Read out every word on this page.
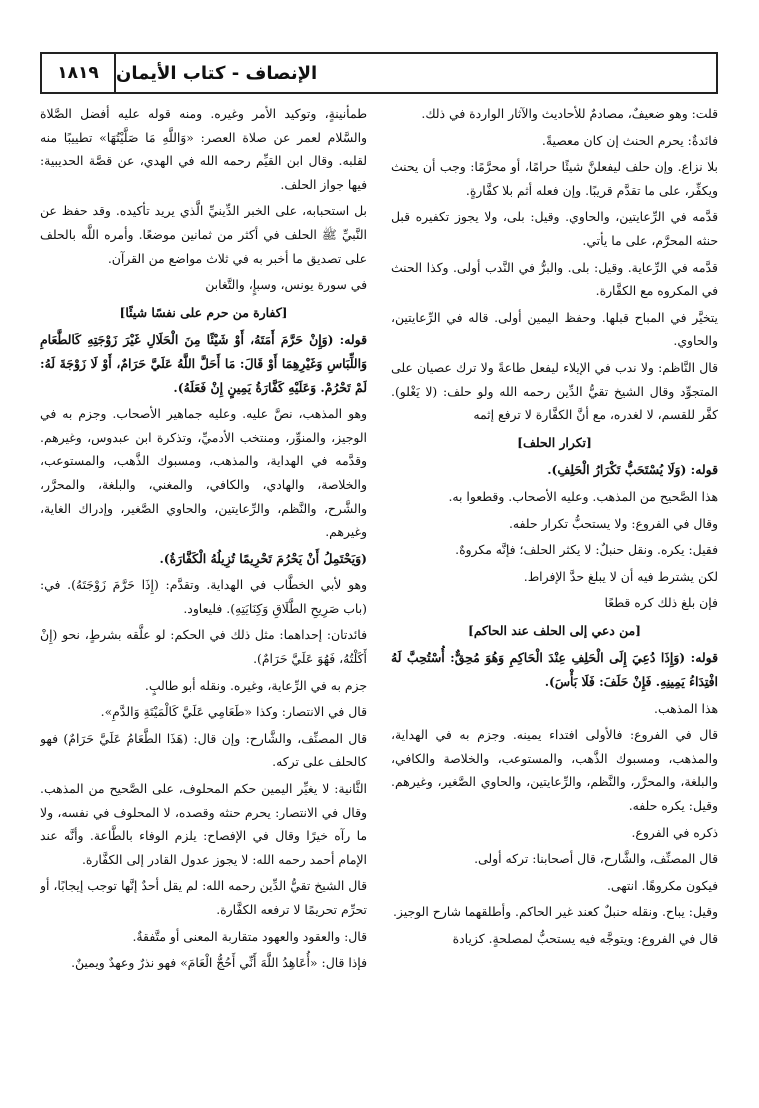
١٨١٩ الإنصاف - كتاب الأيمان

قلت: وهو ضعيفٌ، مصادمٌ للأحاديث والآثار الواردة في ذلك.

فائدةٌ: يحرم الحنث إن كان معصيةً.

بلا نزاع. وإن حلف ليفعلنَّ شيئًا حرامًا، أو محرَّمًا: وجب أن يحنث ويكفِّر، على ما تقدَّم قريبًا. وإن فعله أثم بلا كفَّارةٍ.

قدَّمه في الرِّعايتين، والحاوي. وقيل: بلى، ولا يجوز تكفيره قبل حنثه المحرَّم، على ما يأتي.

قدَّمه في الرِّعاية. وقيل: بلى. والبرُّ في النَّدب أولى. وكذا الحنث في المكروه مع الكفَّارة.

يتخيَّر في المباح قبلها. وحفظ اليمين أولى. قاله في الرِّعايتين، والحاوي.

قال النَّاظم: ولا ندب في الإيلاء ليفعل طاعةً ولا ترك عصيان على المتجوِّد وقال الشيخ تقيُّ الدِّين رحمه الله ولو حلف: (لا يَغْلو). كفَّر للقسم، لا لغدره، مع أنَّ الكفَّارة لا ترفع إثمه

[تكرار الحلف]

قوله: (وَلَا يُسْتَحَبُّ تَكْرَارُ الْحَلِفِ).

هذا الصَّحيح من المذهب. وعليه الأصحاب. وقطعوا به.

وقال في الفروع: ولا يستحبُّ تكرار حلفه.

فقيل: يكره. ونقل حنبلٌ: لا يكثر الحلف؛ فإنَّه مكروهٌ.

لكن يشترط فيه أن لا يبلغ حدَّ الإفراط.

فإن بلغ ذلك كره قطعًا

[من دعي إلى الحلف عند الحاكم]

قوله: (وَإِذَا دُعِيَ إِلَى الْحَلِفِ عِنْدَ الْحَاكِمِ وَهُوَ مُحِقٌّ: أُسْتُحِبَّ لَهُ افْتِدَاءُ يَمِينِهِ. فَإِنْ حَلَفَ: فَلَا بَأْسَ).

هذا المذهب.

قال في الفروع: فالأولى افتداء يمينه. وجزم به في الهداية، والمذهب، ومسبوك الذَّهب، والمستوعب، والخلاصة والكافي، والبلغة، والمحرَّر، والنَّظم، والرِّعايتين، والحاوي الصَّغير، وغيرهم. وقيل: يكره حلفه.

ذكره في الفروع.

قال المصنِّف، والشَّارح، قال أصحابنا: تركه أولى.

فيكون مكروهًا. انتهى.

وقيل: يباح. ونقله حنبلٌ كعند غير الحاكم. وأطلقهما شارح الوجيز.

قال في الفروع: ويتوجَّه فيه يستحبُّ لمصلحةٍ. كزيادة

طمأنينةٍ، وتوكيد الأمر وغيره. ومنه قوله عليه أفضل الصَّلاة والسَّلام لعمر عن صلاة العصر: «وَاللَّهِ مَا صَلَّيْتُهَا» تطييبًا منه لقلبه. وقال ابن القيِّم رحمه الله في الهدي، عن قصَّة الحديبية: فيها جواز الحلف.

بل استحبابه، على الخبر الدِّينيِّ الَّذي يريد تأكيده. وقد حفظ عن النَّبيِّ ﷺ الحلف في أكثر من ثمانين موضعًا. وأمره اللَّه بالحلف على تصديق ما أخبر به في ثلاث مواضع من القرآن.

في سورة يونس، وسبإٍ، والتَّغابن

[كفارة من حرم على نفسًا شيئًا]

قوله: (وَإِنْ حَرَّمَ أَمَتَهُ، أَوْ شَيْئًا مِنَ الْحَلَالِ غَيْرَ زَوْجَتِهِ كَالطَّعَامِ وَاللِّبَاسِ وَغَيْرِهِمَا أَوْ قَالَ: مَا أَحَلَّ اللَّهُ عَلَيَّ حَرَامٌ، أَوْ لَا زَوْجَةَ لَهُ: لَمْ تَحْرُمْ. وَعَلَيْهِ كَفَّارَةُ يَمِينٍ إِنْ فَعَلَهُ).

وهو المذهب، نصَّ عليه. وعليه جماهير الأصحاب. وجزم به في الوجيز، والمنوِّر، ومنتخب الأدميِّ، وتذكرة ابن عبدوس، وغيرهم. وقدَّمه في الهداية، والمذهب، ومسبوك الذَّهب، والمستوعب، والخلاصة، والهادي، والكافي، والمغني، والبلغة، والمحرَّر، والشَّرح، والنَّظم، والرِّعايتين، والحاوي الصَّغير، وإدراك الغاية، وغيرهم.

(وَيَحْتَمِلُ أَنْ يَحْرُمَ تَحْرِيمًا تُزِيلُهُ الْكَفَّارَةُ).

وهو لأبي الخطَّاب في الهداية. وتقدَّم: (إِذَا حَرَّمَ زَوْجَتَهُ). في: (باب صَرِيحِ الطَّلَاقِ وَكِنَايَتِهِ). فليعاود.

فائدتان: إحداهما: مثل ذلك في الحكم: لو علَّقه بشرطٍ، نحو (إِنْ أَكَلْتُهُ، فَهُوَ عَلَيَّ حَرَامٌ).

جزم به في الرِّعاية، وغيره. ونقله أبو طالبٍ.

قال في الانتصار: وكذا «طَعَامِي عَلَيَّ كَالْمَيْتَةِ وَالدَّمِ».

قال المصنِّف، والشَّارح: وإن قال: (هَذَا الطَّعَامُ عَلَيَّ حَرَامٌ) فهو كالحلف على تركه.

الثَّانية: لا يغيِّر اليمين حكم المحلوف، على الصَّحيح من المذهب. وقال في الانتصار: يحرم حنثه وقصده، لا المحلوف في نفسه، ولا ما رآه خيرًا وقال في الإفصاح: يلزم الوفاء بالطَّاعة. وأنَّه عند الإمام أحمد رحمه الله: لا يجوز عدول القادر إلى الكفَّارة.

قال الشيخ تقيُّ الدِّين رحمه الله: لم يقل أحدٌ إنَّها توجب إيجابًا، أو تحرِّم تحريمًا لا ترفعه الكفَّارة.

قال: والعقود والعهود متقاربة المعنى أو متَّفقةٌ.

فإذا قال: «أُعَاهِدُ اللَّهَ أَنِّي أَحُجُّ الْعَامَ» فهو نذرٌ وعهدٌ ويمينٌ.
